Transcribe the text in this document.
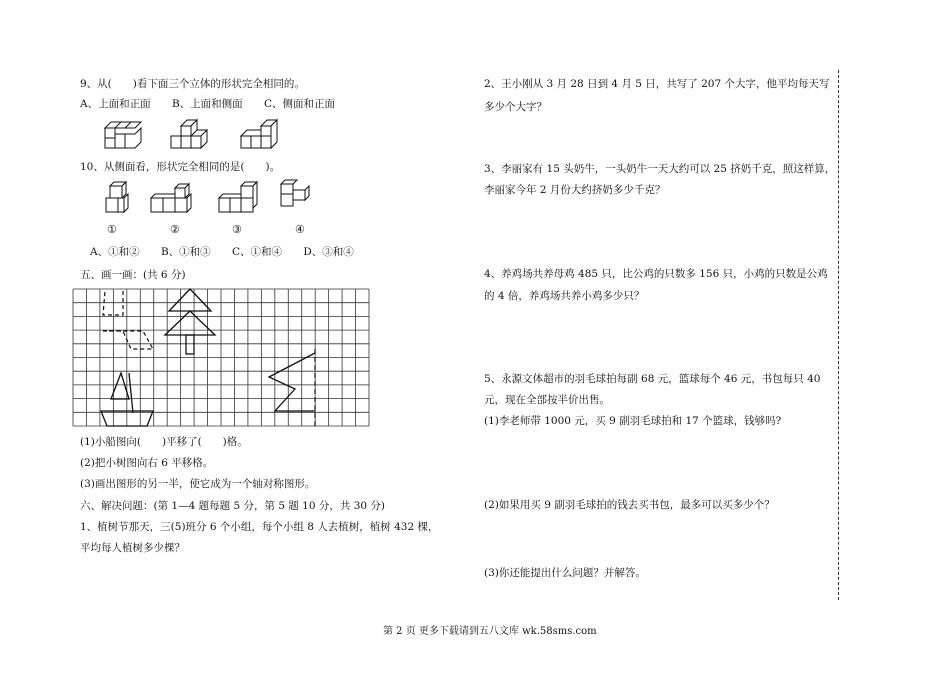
9、从(　　)看下面三个立体的形状完全相同的。
A、上面和正面 B、上面和侧面 C、侧面和正面
10、从侧面看，形状完全相同的是(　　)。
①	②	③	④
A、①和② B、①和③ C、①和④ D、③和④
五、画一画：(共 6 分)
(1)小船图向(　　)平移了(　　)格。
(2)把小树图向右 6 平移格。
(3)画出图形的另一半，使它成为一个轴对称图形。
六、解决问题：(第 1—4 题每题 5 分，第 5 题 10 分，共 30 分)
1、植树节那天，三(5)班分 6 个小组，每个小组 8 人去植树，植树 432 棵，
平均每人植树多少棵？
2、王小刚从 3 月 28 日到 4 月 5 日，共写了 207 个大字，他平均每天写
多少个大字？
3、李丽家有 15 头奶牛，一头奶牛一天大约可以 25 挤奶千克，照这样算，
李丽家今年 2 月份大约挤奶多少千克？
4、养鸡场共养母鸡 485 只，比公鸡的只数多 156 只，小鸡的只数是公鸡
的 4 倍，养鸡场共养小鸡多少只？
5、永源文体超市的羽毛球拍每副 68 元，篮球每个 46 元，书包每只 40
元，现在全部按半价出售。
(1)李老师带 1000 元，买 9 副羽毛球拍和 17 个篮球，钱够吗?
(2)如果用买 9 副羽毛球拍的钱去买书包，最多可以买多少个？
(3)你还能提出什么问题？并解答。
第 2 页 更多下载请到五八文库 wk.58sms.com
